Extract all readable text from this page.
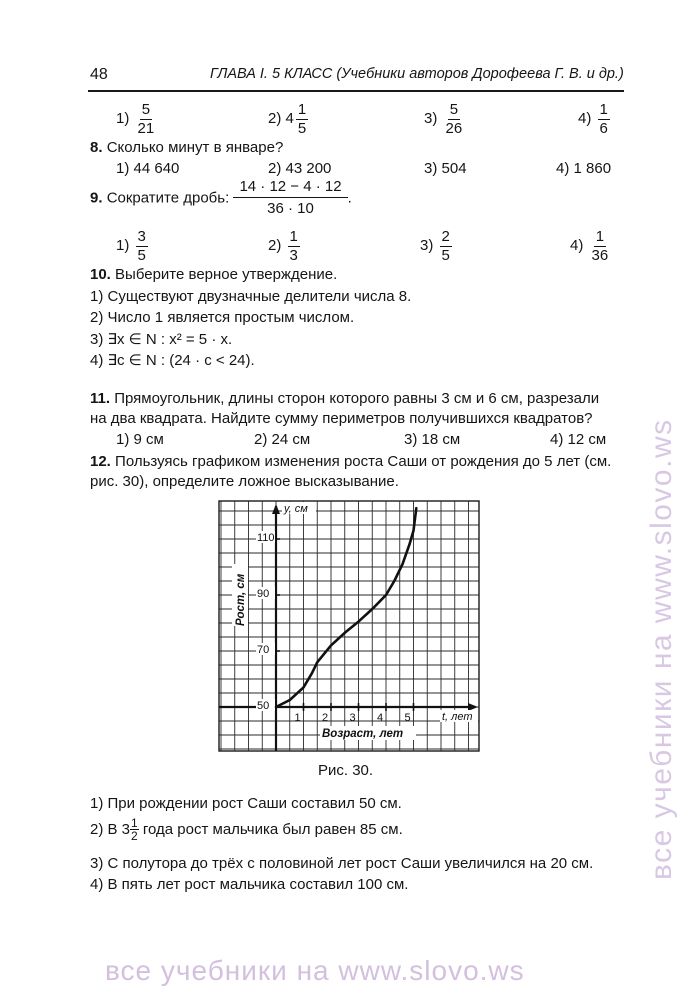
48	ГЛАВА I. 5 КЛАСС (Учебники авторов Дорофеева Г. В. и др.)
$1) \frac{5}{21}$	2) $4 \frac{1}{5}$	$3) \frac{5}{26}$	$4) \frac{1}{6}$
8. Сколько минут в январе?
1) 44 640	2) 43 200	3) 504	4) 1 860
9. Сократите дробь: $\frac{14 \cdot 12 - 4 \cdot 12}{36 \cdot 10}$ .
$1) \frac{3}{5}$	$2) \frac{1}{3}$	$3) \frac{2}{5}$	$4) \frac{1}{36}$
10. Выберите верное утверждение.
1) Существуют двузначные делители числа 8.
2) Число 1 является простым числом.
3) ∃x ∈ N : x² = 5 · x.
4) ∃c ∈ N : (24 · c < 24).
11. Прямоугольник, длины сторон которого равны 3 см и 6 см, разрезали
на два квадрата. Найдите сумму периметров получившихся квадратов?
1) 9 см	2) 24 см	3) 18 см	4) 12 см
12. Пользуясь графиком изменения роста Саши от рождения до 5 лет (см.
рис. 30), определите ложное высказывание.
1 2 3 4 5
50
70
90
110
y, см
t, лет
Возраст, лет
Рост, см
Рис. 30.
1) При рождении рост Саши составил 50 см.
2) В $3 \frac{1}{2}$ года рост мальчика был равен 85 см.
3) С полутора до трёх с половиной лет рост Саши увеличился на 20 см.
4) В пять лет рост мальчика составил 100 см.
все учебники на www.slovo.ws
все учебники на www.slovo.ws
